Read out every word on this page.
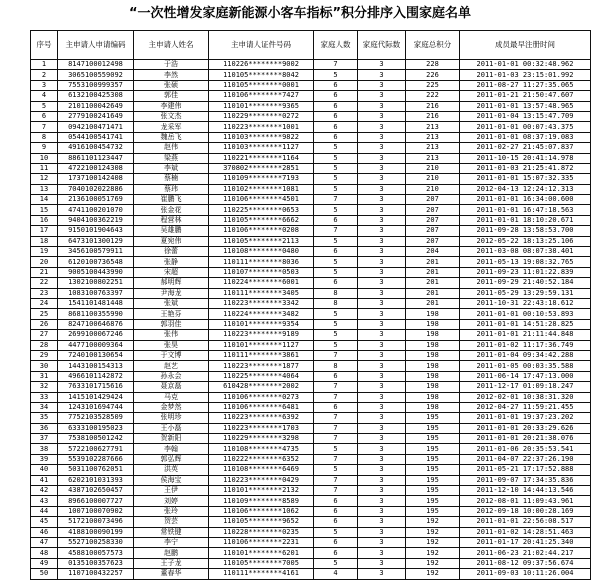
“一次性增发家庭新能源小客车指标”积分排序入围家庭名单
序号	主申请人申请编码	主申请人姓名	主申请人证件号码	家庭人数	家庭代际数	家庭总积分	成员最早注册时间
1	8147100012498	于浩	110226********9002	7	3	228	2011-01-01 00:32:48.962
2	3065100559092	李然	110105********8042	5	3	226	2011-01-03 23:15:01.992
3	7553100999357	张硕	110105********0001	6	3	225	2011-08-27 11:27:35.065
4	6132100425308	郭佳	110106********7427	6	3	222	2011-01-21 21:50:47.607
5	2101100042649	李建伟	110101********9365	6	3	216	2011-01-01 13:57:48.965
6	2779100241649	张文杰	110229********0272	6	3	216	2011-01-04 13:15:47.709
7	0942100471471	龙采军	110223********1001	6	3	213	2011-01-01 00:07:43.375
8	0544100541741	魏岳飞	110103********9822	6	3	213	2011-01-01 08:37:19.083
9	4916100454732	赵伟	110103********1127	5	3	213	2011-02-27 21:45:07.837
10	8861101123447	梁燕	110221********1164	5	3	213	2011-10-15 20:41:14.978
11	4722100124308	李斌	370802********2851	5	3	210	2011-01-03 21:25:41.872
12	1737100142408	蔡楠	110109********7193	5	3	210	2011-01-01 15:07:32.335
13	7040102022886	蔡玮	110102********1081	5	3	210	2012-04-13 12:24:12.313
14	2136100051769	崔鹏飞	110106********4501	7	3	207	2011-01-01 16:34:00.600
15	4741100201070	张金花	110225********0653	5	3	207	2011-01-01 16:47:18.563
16	9404100362219	程营林	110105********6662	6	3	207	2011-01-01 18:10:20.671
17	9150101904643	吴雄鹏	110106********0208	7	3	207	2011-09-28 13:58:53.700
18	6473101300129	夏宛伟	110105********2113	5	3	207	2012-05-22 18:13:25.106
19	3456100579911	徐蕾	110108********0480	6	3	204	2011-03-08 08:07:38.401
20	6120100736548	张静	110111********8036	5	3	201	2011-05-13 19:08:32.765
21	9005100443990	宋超	110107********0503	5	3	201	2011-09-23 11:01:22.839
22	1302100802251	郝明辉	110224********6001	6	3	201	2011-09-29 21:40:52.184
23	1083100763397	尹海龙	110111********3405	8	3	201	2011-05-29 13:29:59.131
24	1541101481448	张斌	110223********3342	8	3	201	2011-10-31 22:43:18.612
25	8681100355990	王艳芬	110224********3482	5	3	198	2011-01-01 00:10:53.893
26	8247100646876	郭羽佳	110101********9354	5	3	198	2011-01-01 14:51:28.825
27	2699100067246	张伟	110223********9189	5	3	198	2011-01-01 21:11:44.848
28	4477100009364	张昊	110101********1127	5	3	198	2011-01-02 11:17:36.749
29	7240100130654	于文博	110111********3861	7	3	198	2011-01-04 09:34:42.288
30	1443100154313	赵艺	110223********1877	8	3	198	2011-01-05 00:03:35.588
31	4966101142872	孙永会	110225********4064	6	3	198	2011-06-14 17:47:13.000
32	7633101715616	聂京磊	610428********2002	7	3	198	2011-12-17 01:09:18.247
33	1415101429424	马克	110106********0273	7	3	198	2012-02-01 10:38:31.320
34	1243101694744	金梦然	110106********6481	6	3	198	2012-04-27 11:59:21.455
35	7752103528509	张明珍	110223********6392	7	3	195	2011-01-01 19:37:23.202
36	6333100195023	王小磊	110223********1703	7	3	195	2011-01-01 20:33:29.626
37	7538100501242	贺新阳	110229********3298	7	3	195	2011-01-01 20:21:38.076
38	5722100627791	李翰	110108********4735	5	3	195	2011-01-06 20:35:53.541
39	5539102287666	郭弘辉	110222********6352	7	3	195	2011-04-07 22:37:26.190
40	5031100762051	洪英	110108********6469	5	3	195	2011-05-21 17:17:52.888
41	6202101031393	侯海宝	110223********0429	7	3	195	2011-09-07 17:34:35.836
42	4387102650457	王伊	110101********2132	7	3	195	2011-12-10 14:44:13.546
43	8966100007727	刘婷	110109********8589	6	3	195	2012-08-01 11:09:43.961
44	1007100070902	张玲	110106********1062	6	3	195	2012-09-18 10:00:28.169
45	5172100073496	贺芸	110105********9652	6	3	192	2011-01-01 22:56:08.517
46	4188100090199	常铁键	110228********0235	5	3	192	2011-01-02 14:28:51.463
47	5527100258330	李宁	110106********2231	6	3	192	2011-01-17 20:41:25.340
48	4588100057573	赵鹏	110101********6201	6	3	192	2011-06-23 21:02:44.217
49	0135100357623	王子龙	110105********7005	5	3	192	2011-08-12 09:37:56.674
50	1107100432257	董春华	110111********4161	4	3	192	2011-09-03 10:11:26.004
